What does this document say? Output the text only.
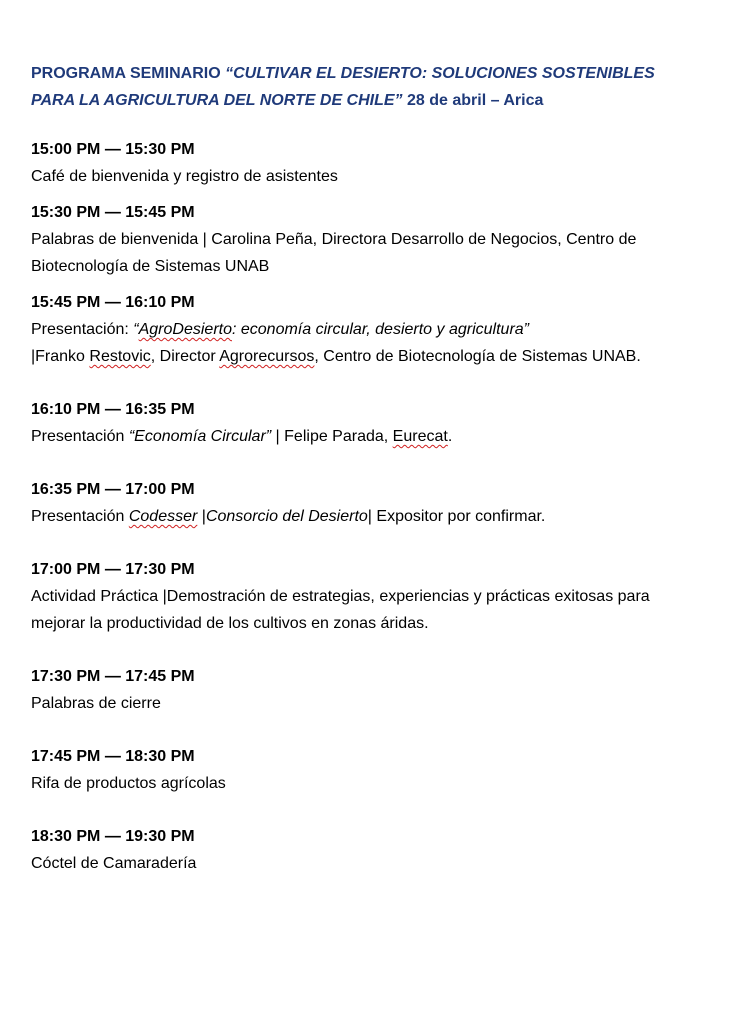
PROGRAMA SEMINARIO “CULTIVAR EL DESIERTO: SOLUCIONES SOSTENIBLES PARA LA AGRICULTURA DEL NORTE DE CHILE” 28 de abril – Arica

15:00 PM — 15:30 PM

Café de bienvenida y registro de asistentes

15:30 PM — 15:45 PM

Palabras de bienvenida | Carolina Peña, Directora Desarrollo de Negocios, Centro de Biotecnología de Sistemas UNAB

15:45 PM — 16:10 PM

Presentación: “AgroDesierto: economía circular, desierto y agricultura”
|Franko Restovic, Director Agrorecursos, Centro de Biotecnología de Sistemas UNAB.

16:10 PM — 16:35 PM

Presentación “Economía Circular” | Felipe Parada, Eurecat.

16:35 PM — 17:00 PM

Presentación Codesser |Consorcio del Desierto| Expositor por confirmar.

17:00 PM — 17:30 PM

Actividad Práctica |Demostración de estrategias, experiencias y prácticas exitosas para mejorar la productividad de los cultivos en zonas áridas.

17:30 PM — 17:45 PM

Palabras de cierre

17:45 PM — 18:30 PM

Rifa de productos agrícolas

18:30 PM — 19:30 PM

Cóctel de Camaradería
